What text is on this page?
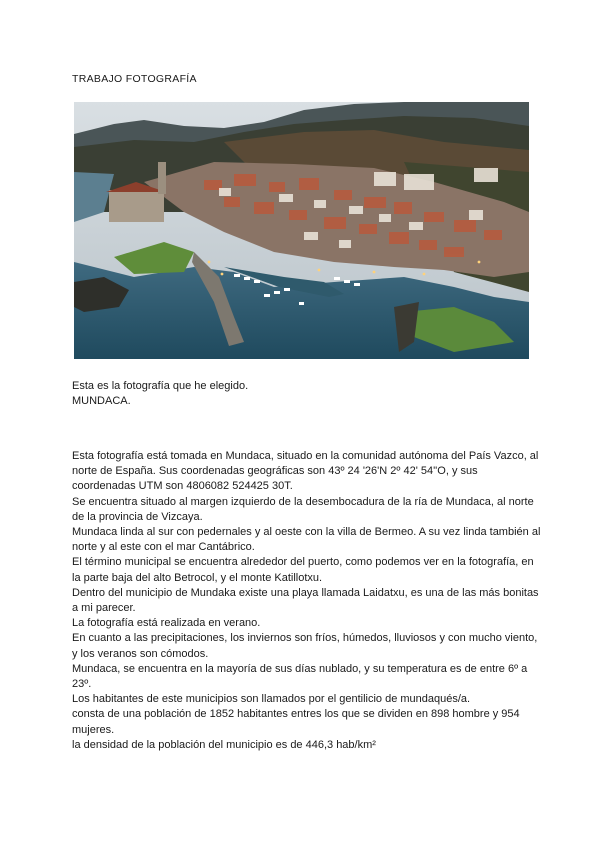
TRABAJO FOTOGRAFÍA
Esta es la fotografía que he elegido.
MUNDACA.

Esta fotografía está tomada en Mundaca, situado en la comunidad autónoma del País Vazco, al norte de España. Sus coordenadas geográficas son 43º 24 '26'N 2º 42' 54''O, y sus coordenadas UTM son 4806082 524425 30T.

Se encuentra situado al margen izquierdo de la desembocadura de la ría de Mundaca, al norte de la provincia de Vizcaya.

Mundaca linda al sur con pedernales y al oeste con la villa de Bermeo. A su vez linda también al norte y al este con el mar Cantábrico.

El término municipal se encuentra alrededor del puerto, como podemos ver en la fotografía, en la parte baja del alto Betrocol, y el monte Katillotxu.

Dentro del municipio de Mundaka existe una playa llamada Laidatxu, es una de las más bonitas a mi parecer.

La fotografía está realizada en verano.

En cuanto a las precipitaciones, los inviernos son fríos, húmedos, lluviosos y con mucho viento, y los veranos son cómodos.

Mundaca, se encuentra en la mayoría de sus días nublado, y su temperatura es de entre 6º a 23º.

Los habitantes de este municipios son llamados por el gentilicio de mundaqués/a.

consta de una población de 1852 habitantes entres los que se dividen en 898 hombre y 954 mujeres.

la densidad de la población del municipio es de 446,3 hab/km²
